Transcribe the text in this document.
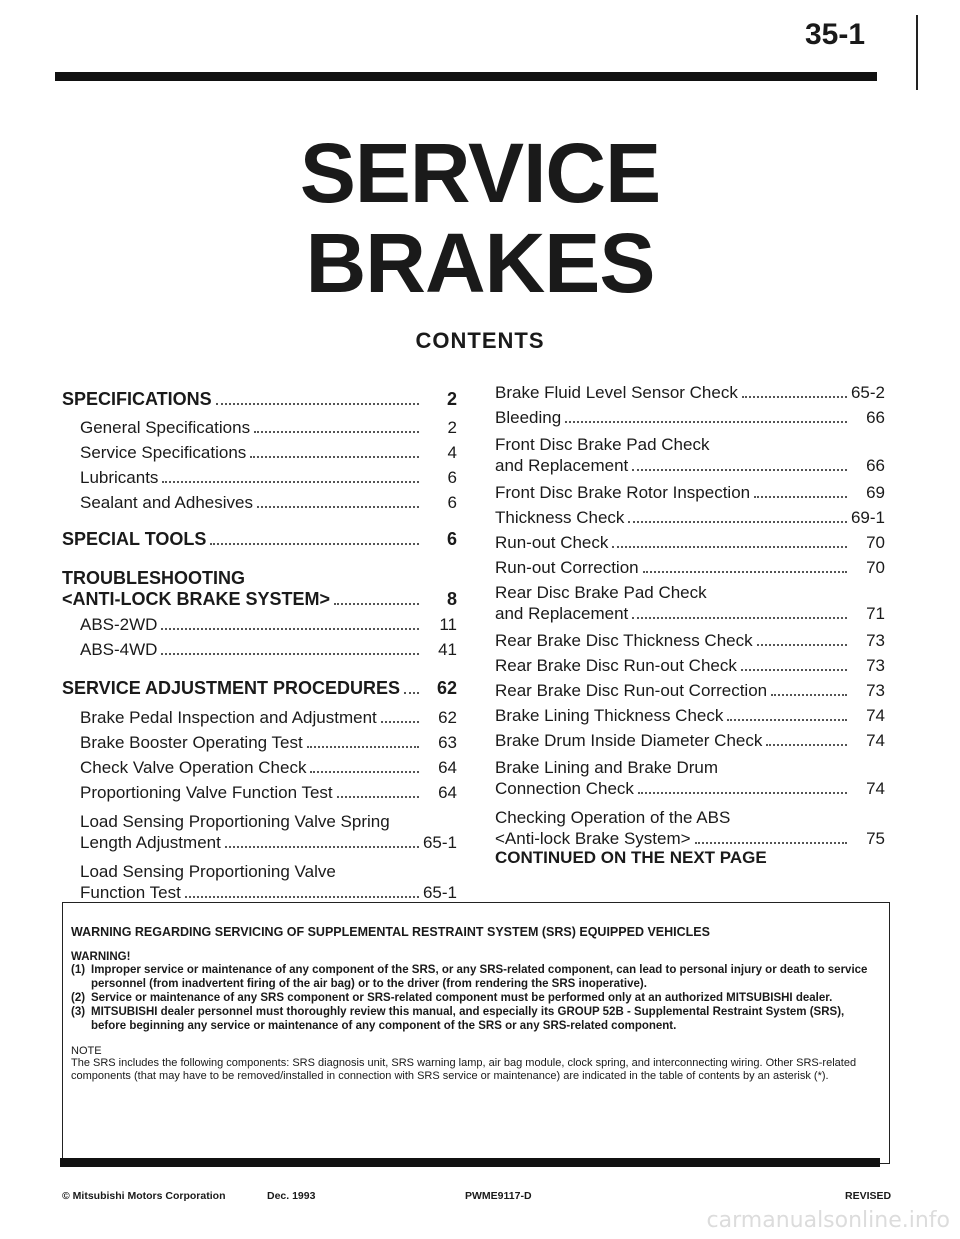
35-1
SERVICE
BRAKES
CONTENTS
SPECIFICATIONS	2
General Specifications	2
Service Specifications	4
Lubricants	6
Sealant and Adhesives	6
SPECIAL TOOLS	6
TROUBLESHOOTING
<ANTI-LOCK BRAKE SYSTEM>	8
ABS-2WD	11
ABS-4WD	41
SERVICE ADJUSTMENT PROCEDURES	62
Brake Pedal Inspection and Adjustment	62
Brake Booster Operating Test	63
Check Valve Operation Check	64
Proportioning Valve Function Test	64
Load Sensing Proportioning Valve Spring
Length Adjustment	65-1
Load Sensing Proportioning Valve
Function Test	65-1
Brake Fluid Level Sensor Check	65-2
Bleeding	66
Front Disc Brake Pad Check
and Replacement	66
Front Disc Brake Rotor Inspection	69
Thickness Check	69-1
Run-out Check	70
Run-out Correction	70
Rear Disc Brake Pad Check
and Replacement	71
Rear Brake Disc Thickness Check	73
Rear Brake Disc Run-out Check	73
Rear Brake Disc Run-out Correction	73
Brake Lining Thickness Check	74
Brake Drum Inside Diameter Check	74
Brake Lining and Brake Drum
Connection Check	74
Checking Operation of the ABS
<Anti-lock Brake System>	75
CONTINUED ON THE NEXT PAGE
WARNING REGARDING SERVICING OF SUPPLEMENTAL RESTRAINT SYSTEM (SRS) EQUIPPED VEHICLES
WARNING!
(1) Improper service or maintenance of any component of the SRS, or any SRS-related component, can lead to personal injury or death to service personnel (from inadvertent firing of the air bag) or to the driver (from rendering the SRS inoperative).
(2) Service or maintenance of any SRS component or SRS-related component must be performed only at an authorized MITSUBISHI dealer.
(3) MITSUBISHI dealer personnel must thoroughly review this manual, and especially its GROUP 52B - Supplemental Restraint System (SRS), before beginning any service or maintenance of any component of the SRS or any SRS-related component.
NOTE
The SRS includes the following components: SRS diagnosis unit, SRS warning lamp, air bag module, clock spring, and interconnecting wiring. Other SRS-related components (that may have to be removed/installed in connection with SRS service or maintenance) are indicated in the table of contents by an asterisk (*).
© Mitsubishi Motors Corporation	Dec. 1993	PWME9117-D	REVISED
carmanualsonline.info
